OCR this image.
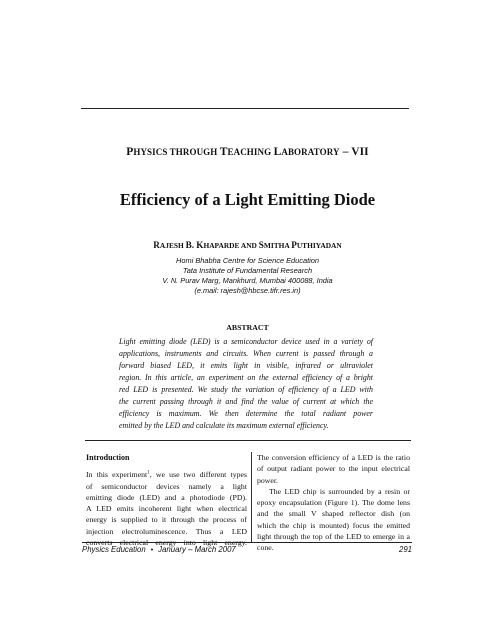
PHYSICS THROUGH TEACHING LABORATORY – VII
Efficiency of a Light Emitting Diode
RAJESH B. KHAPARDE AND SMITHA PUTHIYADAN
Homi Bhabha Centre for Science Education
Tata Institute of Fundamental Research
V. N. Purav Marg, Mankhurd, Mumbai 400088, India
(e.mail: rajesh@hbcse.tifr.res.in)
ABSTRACT
Light emitting diode (LED) is a semiconductor device used in a variety of
applications, instruments and circuits. When current is passed through a
forward biased LED, it emits light in visible, infrared or ultraviolet
region. In this article, an experiment on the external efficiency of a bright
red LED is presented. We study the variation of efficiency of a LED with
the current passing through it and find the value of current at which the
efficiency is maximum. We then determine the total radiant power
emitted by the LED and calculate its maximum external efficiency.
Introduction
In this experiment$^1$, we use two different types
of semiconductor devices namely a light
emitting diode (LED) and a photodiode (PD).
A LED emits incoherent light when electrical
energy is supplied to it through the process of
injection electroluminescence. Thus a LED
converts electrical energy into light energy.
The conversion efficiency of a LED is the ratio
of output radiant power to the input electrical
power.
The LED chip is surrounded by a resin or
epoxy encapsulation (Figure 1). The dome lens
and the small V shaped reflector dish (on
which the chip is mounted) focus the emitted
light through the top of the LED to emerge in a
cone.
Physics Education • January – March 2007	291
